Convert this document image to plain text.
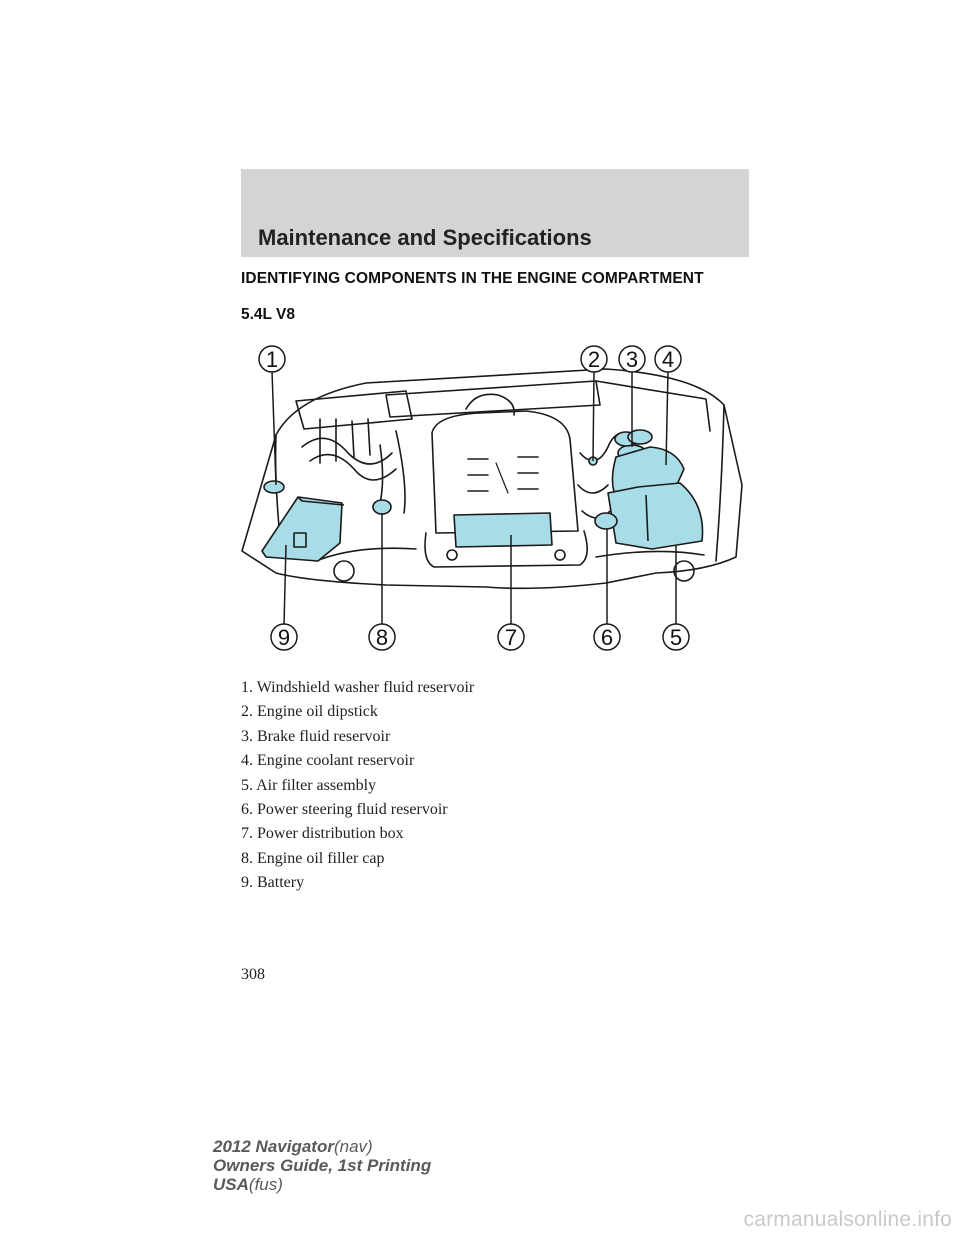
Maintenance and Specifications
IDENTIFYING COMPONENTS IN THE ENGINE COMPARTMENT
5.4L V8
1	2 3 4
5
6
7
8
9
1. Windshield washer fluid reservoir
2. Engine oil dipstick
3. Brake fluid reservoir
4. Engine coolant reservoir
5. Air filter assembly
6. Power steering fluid reservoir
7. Power distribution box
8. Engine oil filler cap
9. Battery
308
2012 Navigator(nav)
Owners Guide, 1st Printing
USA(fus)
carmanualsonline.info
